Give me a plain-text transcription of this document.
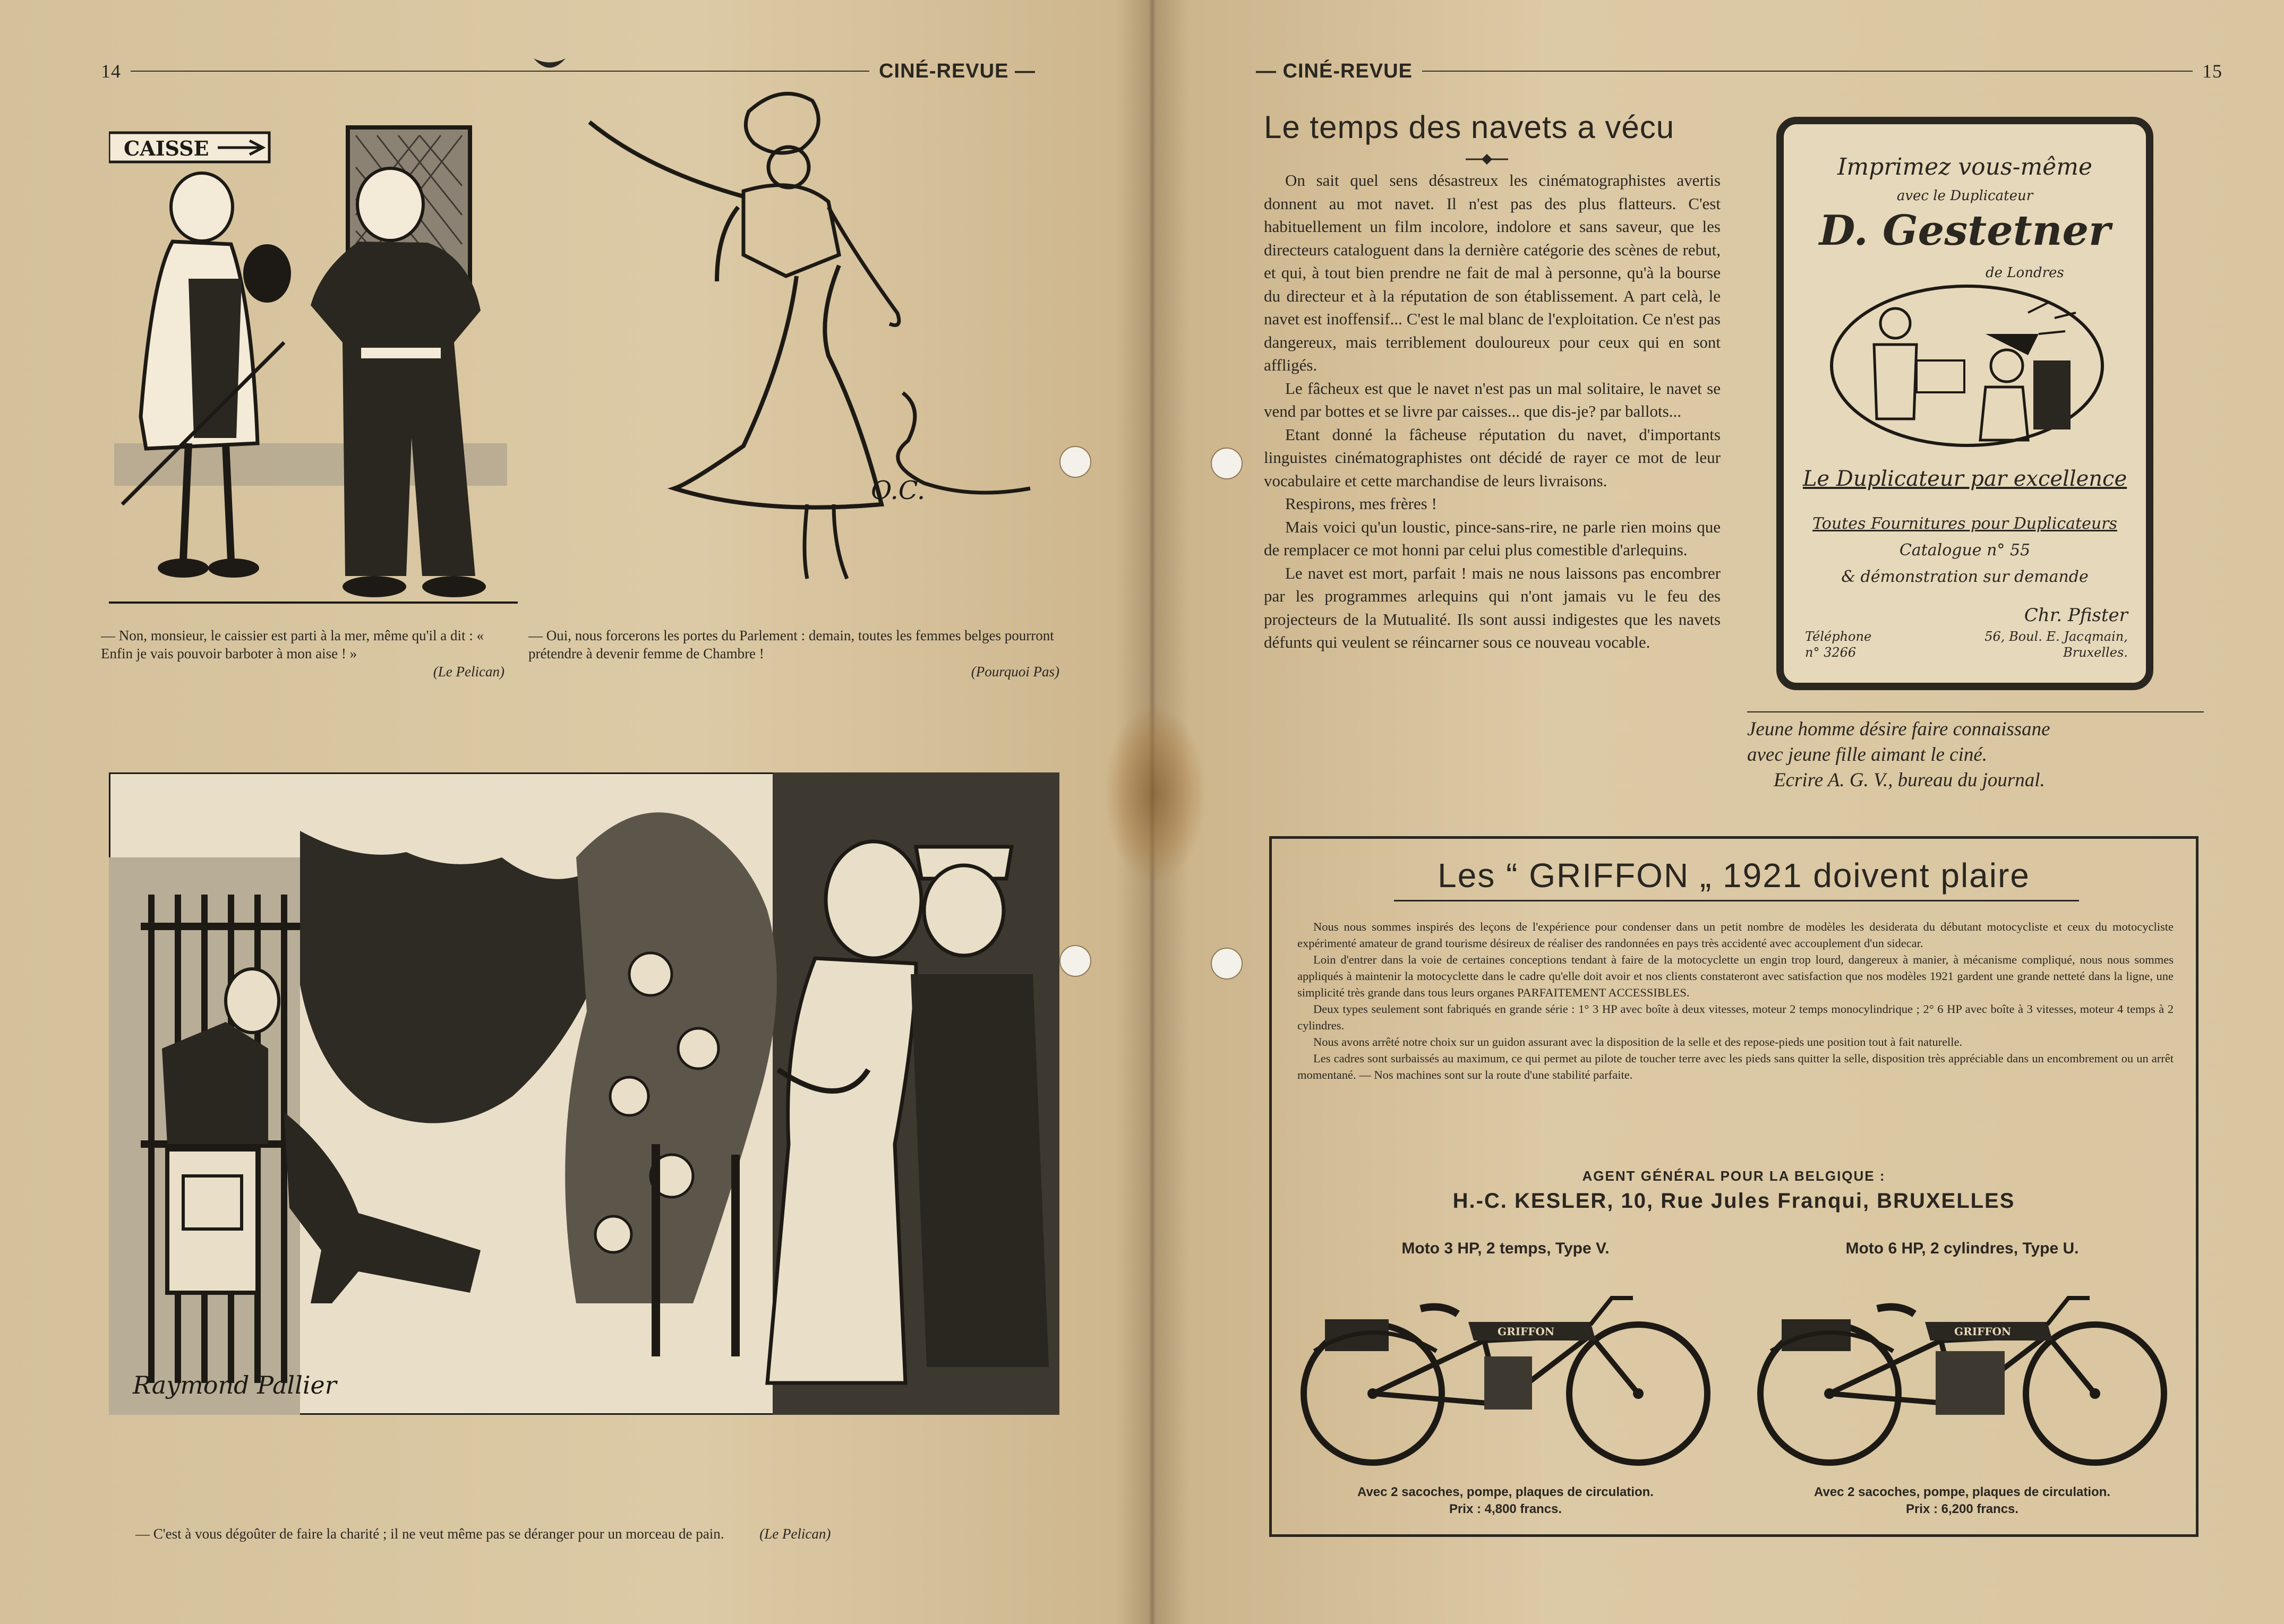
14	CINÉ-REVUE —
CAISSE
O.C.
— Non, monsieur, le caissier est parti à la mer, même qu'il a dit : « Enfin je vais pouvoir barboter à mon aise ! »
(Le Pelican)
— Oui, nous forcerons les portes du Parlement : demain, toutes les femmes belges pourront prétendre à devenir femme de Chambre !
(Pourquoi Pas)
Raymond Pallier
— C'est à vous dégoûter de faire la charité ; il ne veut même pas se déranger pour un morceau de pain. (Le Pelican)
— CINÉ-REVUE	15
Le temps des navets a vécu

On sait quel sens désastreux les cinématographistes avertis donnent au mot navet. Il n'est pas des plus flatteurs. C'est habituellement un film incolore, indolore et sans saveur, que les directeurs cataloguent dans la dernière catégorie des scènes de rebut, et qui, à tout bien prendre ne fait de mal à personne, qu'à la bourse du directeur et à la réputation de son établissement. A part celà, le navet est inoffensif... C'est le mal blanc de l'exploitation. Ce n'est pas dangereux, mais terriblement douloureux pour ceux qui en sont affligés.

Le fâcheux est que le navet n'est pas un mal solitaire, le navet se vend par bottes et se livre par caisses... que dis-je? par ballots...

Etant donné la fâcheuse réputation du navet, d'importants linguistes cinématographistes ont décidé de rayer ce mot de leur vocabulaire et cette marchandise de leurs livraisons.

Respirons, mes frères !

Mais voici qu'un loustic, pince-sans-rire, ne parle rien moins que de remplacer ce mot honni par celui plus comestible d'arlequins.

Le navet est mort, parfait ! mais ne nous laissons pas encombrer par les programmes arlequins qui n'ont jamais vu le feu des projecteurs de la Mutualité. Ils sont aussi indigestes que les navets défunts qui veulent se réincarner sous ce nouveau vocable.

Imprimez vous-même
avec le Duplicateur
D. Gestetner
de Londres
Le Duplicateur par excellence
Toutes Fournitures pour Duplicateurs
Catalogue n° 55
& démonstration sur demande
Chr. Pfister
Téléphone
n° 3266
56, Boul. E. Jacqmain,
Bruxelles.
Jeune homme désire faire connaissane
avec jeune fille aimant le ciné.
Ecrire A. G. V., bureau du journal.
Les “ GRIFFON „ 1921 doivent plaire

Nous nous sommes inspirés des leçons de l'expérience pour condenser dans un petit nombre de modèles les desiderata du débutant motocycliste et ceux du motocycliste expérimenté amateur de grand tourisme désireux de réaliser des randonnées en pays très accidenté avec accouplement d'un sidecar.

Loin d'entrer dans la voie de certaines conceptions tendant à faire de la motocyclette un engin trop lourd, dangereux à manier, à mécanisme compliqué, nous nous sommes appliqués à maintenir la motocyclette dans le cadre qu'elle doit avoir et nos clients constateront avec satisfaction que nos modèles 1921 gardent une grande netteté dans la ligne, une simplicité très grande dans tous leurs organes PARFAITEMENT ACCESSIBLES.

Deux types seulement sont fabriqués en grande série : 1° 3 HP avec boîte à deux vitesses, moteur 2 temps monocylindrique ; 2° 6 HP avec boîte à 3 vitesses, moteur 4 temps à 2 cylindres.

Nous avons arrêté notre choix sur un guidon assurant avec la disposition de la selle et des repose-pieds une position tout à fait naturelle.

Les cadres sont surbaissés au maximum, ce qui permet au pilote de toucher terre avec les pieds sans quitter la selle, disposition très appréciable dans un encombrement ou un arrêt momentané. — Nos machines sont sur la route d'une stabilité parfaite.

AGENT GÉNÉRAL POUR LA BELGIQUE :
H.-C. KESLER, 10, Rue Jules Franqui, BRUXELLES
Moto 3 HP, 2 temps, Type V.
GRIFFON
Avec 2 sacoches, pompe, plaques de circulation.
Prix : 4,800 francs.
Moto 6 HP, 2 cylindres, Type U.
GRIFFON
Avec 2 sacoches, pompe, plaques de circulation.
Prix : 6,200 francs.
